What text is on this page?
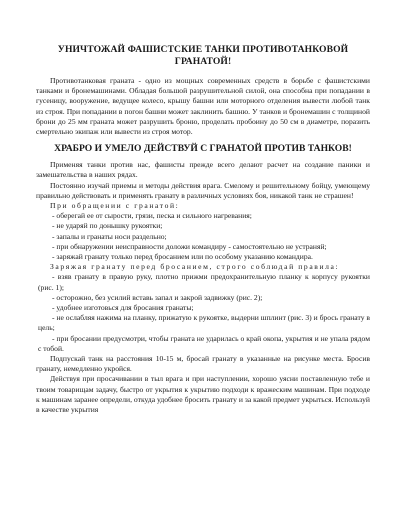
УНИЧТОЖАЙ ФАШИСТСКИЕ ТАНКИ ПРОТИВОТАНКОВОЙ ГРАНАТОЙ!

Противотанковая граната - одно из мощных современных средств в борьбе с фашистскими танками и бронемашинами. Обладая большой разрушительной силой, она способна при попадании в гусеницу, вооружение, ведущее колесо, крышу башни или моторного отделения вывести любой танк из строя. При попадании в погон башни может заклинить башню. У танков и бронемашин с толщиной брони до 25 мм граната может разрушить броню, проделать пробоину до 50 см в диаметре, поразить смертельно экипаж или вывести из строя мотор.

ХРАБРО И УМЕЛО ДЕЙСТВУЙ С ГРАНАТОЙ ПРОТИВ ТАНКОВ!

Применяя танки против нас, фашисты прежде всего делают расчет на создание паники и замешательства в наших рядах.

Постоянно изучай приемы и методы действия врага. Смелому и решительному бойцу, умеющему правильно действовать и применять гранату в различных условиях боя, никакой танк не страшен!

При обращении с гранатой:

- оберегай ее от сырости, грязи, песка и сильного нагревания;

- не ударяй по донышку рукоятки;

- запалы и гранаты носи раздельно;

- при обнаружении неисправности доложи командиру - самостоятельно не устраняй;

- заряжай гранату только перед бросанием или по особому указанию командира.

Заряжая гранату перед бросанием, строго соблюдай правила:

- взяв гранату в правую руку, плотно прижми предохранительную планку к корпусу рукоятки (рис. 1);

- осторожно, без усилий вставь запал и закрой задвижку (рис. 2);

- удобнее изготовься для бросания гранаты;

- не ослабляя нажима на планку, прижатую к рукоятке, выдерни шплинт (рис. 3) и брось гранату в цель;

- при бросании предусмотри, чтобы граната не ударилась о край окопа, укрытия и не упала рядом с тобой.

Подпускай танк на расстояния 10-15 м, бросай гранату в указанные на рисунке места. Бросив гранату, немедленно укройся.

Действуя при просачивании в тыл врага и при наступлении, хорошо уясни поставленную тебе и твоим товарищам задачу, быстро от укрытия к укрытию подходи к вражеским машинам. При подходе к машинам заранее определи, откуда удобнее бросить гранату и за какой предмет укрыться. Используй в качестве укрытия
